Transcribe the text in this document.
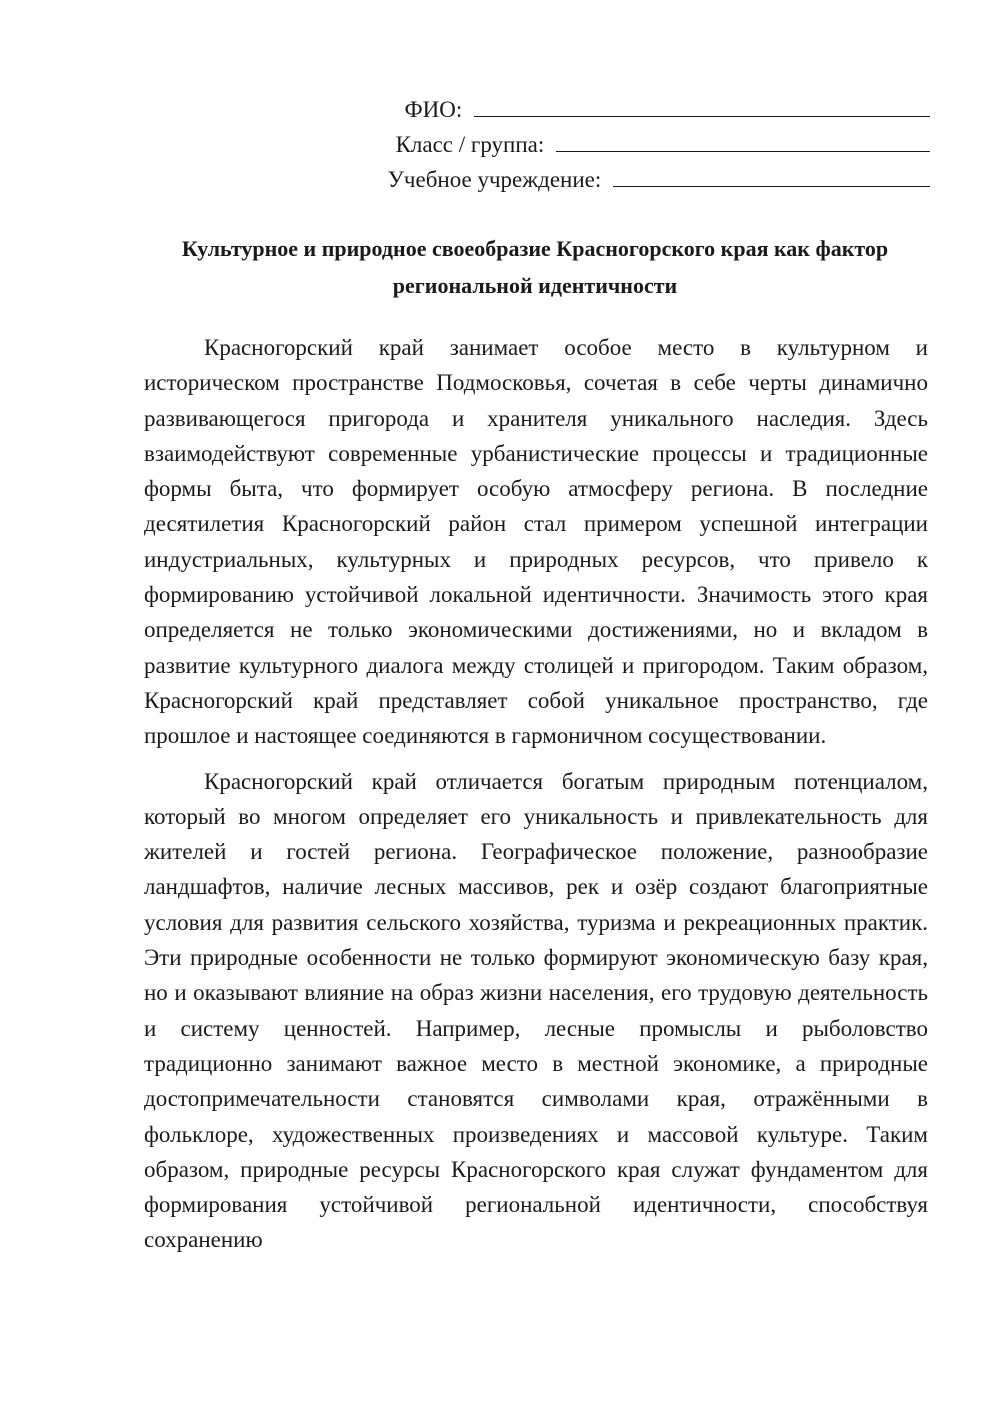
ФИО:
Класс / группа:
Учебное учреждение:
Культурное и природное своеобразие Красногорского края как фактор региональной идентичности

Красногорский край занимает особое место в культурном и историческом пространстве Подмосковья, сочетая в себе черты динамично развивающегося пригорода и хранителя уникального наследия. Здесь взаимодействуют современные урбанистические процессы и традиционные формы быта, что формирует особую атмосферу региона. В последние десятилетия Красногорский район стал примером успешной интеграции индустриальных, культурных и природных ресурсов, что привело к формированию устойчивой локальной идентичности. Значимость этого края определяется не только экономическими достижениями, но и вкладом в развитие культурного диалога между столицей и пригородом. Таким образом, Красногорский край представляет собой уникальное пространство, где прошлое и настоящее соединяются в гармоничном сосуществовании.

Красногорский край отличается богатым природным потенциалом, который во многом определяет его уникальность и привлекательность для жителей и гостей региона. Географическое положение, разнообразие ландшафтов, наличие лесных массивов, рек и озёр создают благоприятные условия для развития сельского хозяйства, туризма и рекреационных практик. Эти природные особенности не только формируют экономическую базу края, но и оказывают влияние на образ жизни населения, его трудовую деятельность и систему ценностей. Например, лесные промыслы и рыболовство традиционно занимают важное место в местной экономике, а природные достопримечательности становятся символами края, отражёнными в фольклоре, художественных произведениях и массовой культуре. Таким образом, природные ресурсы Красногорского края служат фундаментом для формирования устойчивой региональной идентичности, способствуя сохранению
